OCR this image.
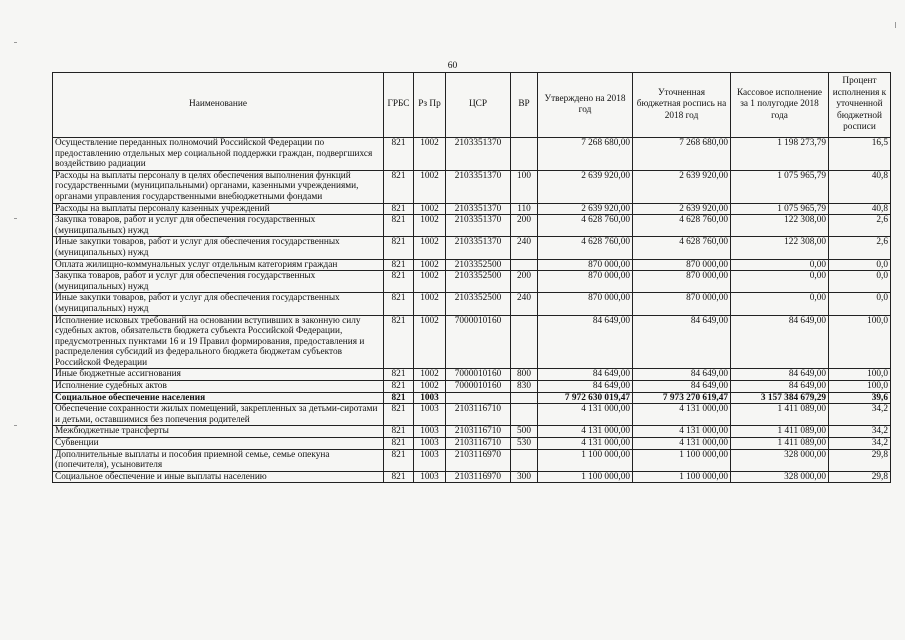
60
Наименование	ГРБС	Рз Пр	ЦСР	ВР	Утверждено на 2018 год	Уточненная бюджетная роспись на 2018 год	Кассовое исполнение за 1 полугодие 2018 года	Процент исполнения к уточненной бюджетной росписи
Осуществление переданных полномочий Российской Федерации по предоставлению отдельных мер социальной поддержки граждан, подвергшихся воздействию радиации	821	1002	2103351370		7 268 680,00	7 268 680,00	1 198 273,79	16,5
Расходы на выплаты персоналу в целях обеспечения выполнения функций государственными (муниципальными) органами, казенными учреждениями, органами управления государственными внебюджетными фондами	821	1002	2103351370	100	2 639 920,00	2 639 920,00	1 075 965,79	40,8
Расходы на выплаты персоналу казенных учреждений	821	1002	2103351370	110	2 639 920,00	2 639 920,00	1 075 965,79	40,8
Закупка товаров, работ и услуг для обеспечения государственных (муниципальных) нужд	821	1002	2103351370	200	4 628 760,00	4 628 760,00	122 308,00	2,6
Иные закупки товаров, работ и услуг для обеспечения государственных (муниципальных) нужд	821	1002	2103351370	240	4 628 760,00	4 628 760,00	122 308,00	2,6
Оплата жилищно-коммунальных услуг отдельным категориям граждан	821	1002	2103352500		870 000,00	870 000,00	0,00	0,0
Закупка товаров, работ и услуг для обеспечения государственных (муниципальных) нужд	821	1002	2103352500	200	870 000,00	870 000,00	0,00	0,0
Иные закупки товаров, работ и услуг для обеспечения государственных (муниципальных) нужд	821	1002	2103352500	240	870 000,00	870 000,00	0,00	0,0
Исполнение исковых требований на основании вступивших в законную силу судебных актов, обязательств бюджета субъекта Российской Федерации, предусмотренных пунктами 16 и 19 Правил формирования, предоставления и распределения субсидий из федерального бюджета бюджетам субъектов Российской Федерации	821	1002	7000010160		84 649,00	84 649,00	84 649,00	100,0
Иные бюджетные ассигнования	821	1002	7000010160	800	84 649,00	84 649,00	84 649,00	100,0
Исполнение судебных актов	821	1002	7000010160	830	84 649,00	84 649,00	84 649,00	100,0
Социальное обеспечение населения	821	1003			7 972 630 019,47	7 973 270 619,47	3 157 384 679,29	39,6
Обеспечение сохранности жилых помещений, закрепленных за детьми-сиротами и детьми, оставшимися без попечения родителей	821	1003	2103116710		4 131 000,00	4 131 000,00	1 411 089,00	34,2
Межбюджетные трансферты	821	1003	2103116710	500	4 131 000,00	4 131 000,00	1 411 089,00	34,2
Субвенции	821	1003	2103116710	530	4 131 000,00	4 131 000,00	1 411 089,00	34,2
Дополнительные выплаты и пособия приемной семье, семье опекуна (попечителя), усыновителя	821	1003	2103116970		1 100 000,00	1 100 000,00	328 000,00	29,8
Социальное обеспечение и иные выплаты населению	821	1003	2103116970	300	1 100 000,00	1 100 000,00	328 000,00	29,8
